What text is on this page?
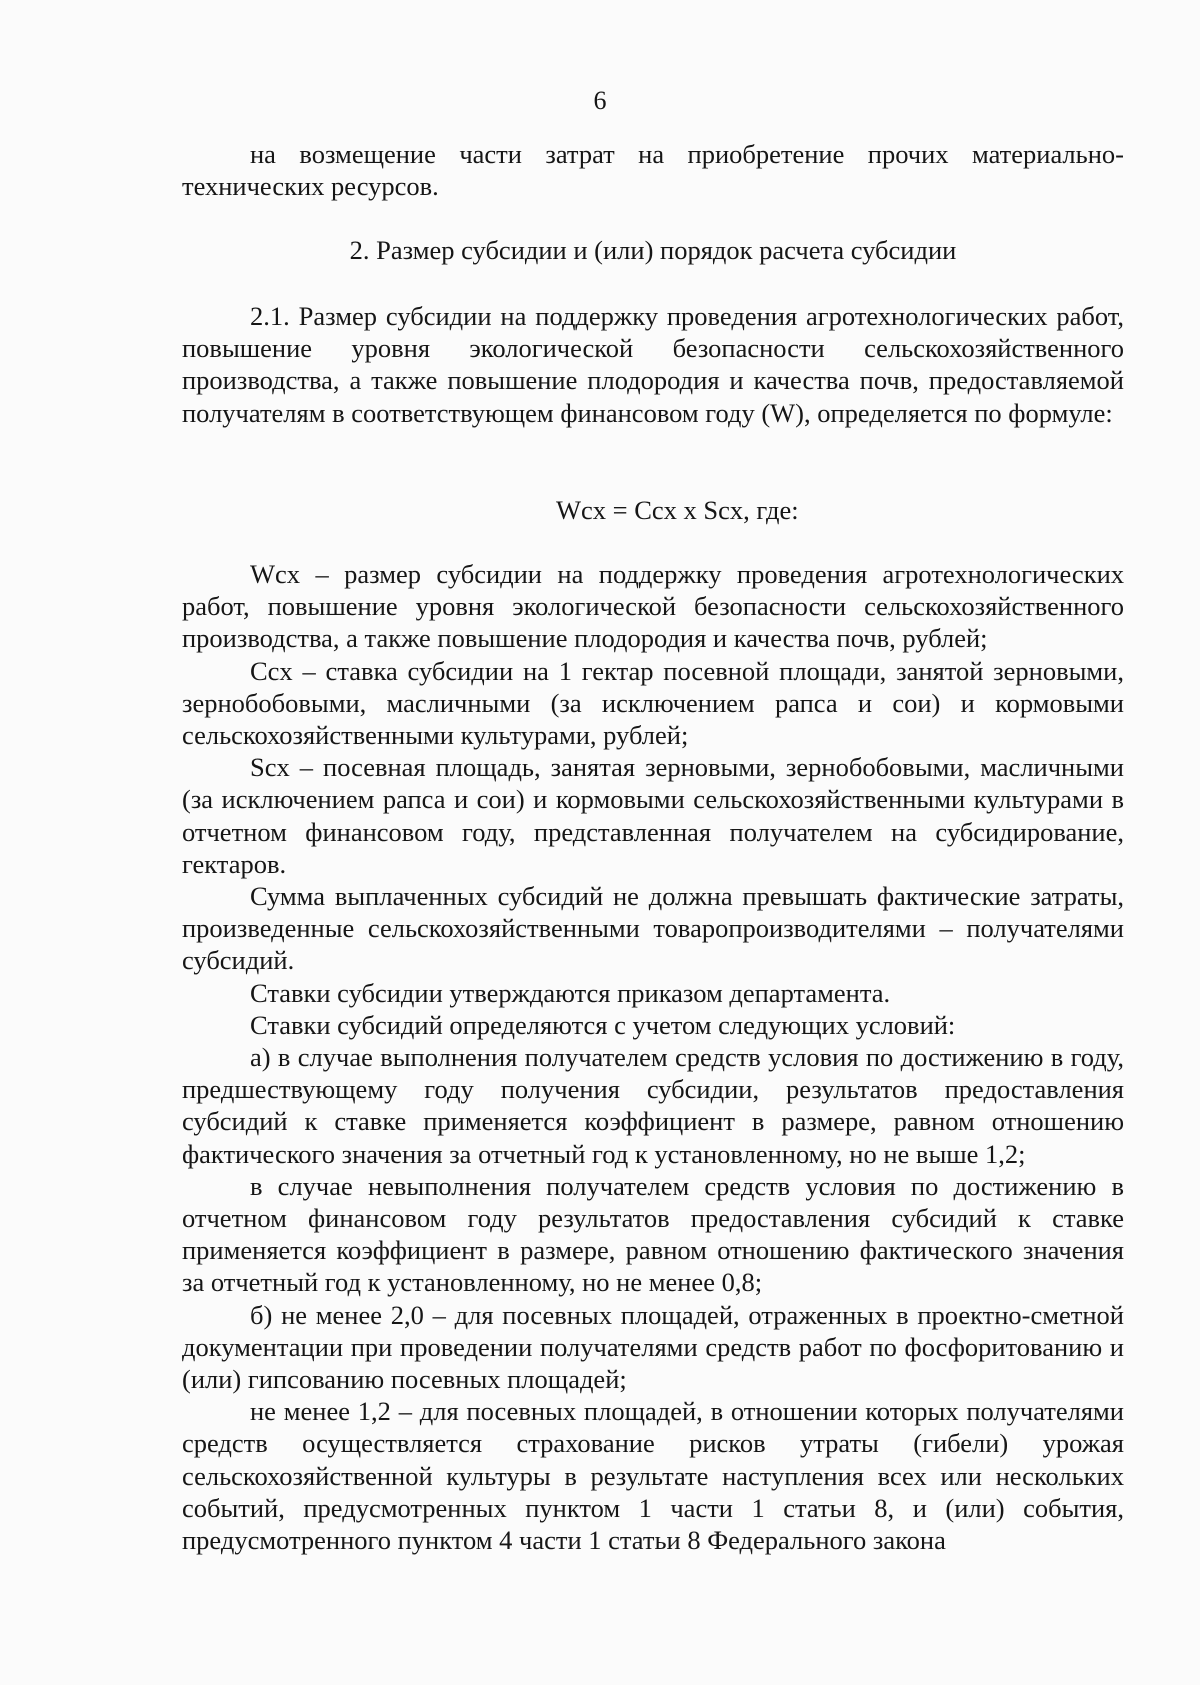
6

на возмещение части затрат на приобретение прочих материально-технических ресурсов.

2. Размер субсидии и (или) порядок расчета субсидии

2.1. Размер субсидии на поддержку проведения агротехнологических работ, повышение уровня экологической безопасности сельскохозяйственного производства, а также повышение плодородия и качества почв, предоставляемой получателям в соответствующем финансовом году (W), определяется по формуле:

Wcx = Ccx x Scx, где:

Wcx – размер субсидии на поддержку проведения агротехнологических работ, повышение уровня экологической безопасности сельскохозяйственного производства, а также повышение плодородия и качества почв, рублей;

Ccx – ставка субсидии на 1 гектар посевной площади, занятой зерновыми, зернобобовыми, масличными (за исключением рапса и сои) и кормовыми сельскохозяйственными культурами, рублей;

Scx – посевная площадь, занятая зерновыми, зернобобовыми, масличными (за исключением рапса и сои) и кормовыми сельскохозяйственными культурами в отчетном финансовом году, представленная получателем на субсидирование, гектаров.

Сумма выплаченных субсидий не должна превышать фактические затраты, произведенные сельскохозяйственными товаропроизводителями – получателями субсидий.

Ставки субсидии утверждаются приказом департамента.

Ставки субсидий определяются с учетом следующих условий:

а) в случае выполнения получателем средств условия по достижению в году, предшествующему году получения субсидии, результатов предоставления субсидий к ставке применяется коэффициент в размере, равном отношению фактического значения за отчетный год к установленному, но не выше 1,2;

в случае невыполнения получателем средств условия по достижению в отчетном финансовом году результатов предоставления субсидий к ставке применяется коэффициент в размере, равном отношению фактического значения за отчетный год к установленному, но не менее 0,8;

б) не менее 2,0 – для посевных площадей, отраженных в проектно-сметной документации при проведении получателями средств работ по фосфоритованию и (или) гипсованию посевных площадей;

не менее 1,2 – для посевных площадей, в отношении которых получателями средств осуществляется страхование рисков утраты (гибели) урожая сельскохозяйственной культуры в результате наступления всех или нескольких событий, предусмотренных пунктом 1 части 1 статьи 8, и (или) события, предусмотренного пунктом 4 части 1 статьи 8 Федерального закона
